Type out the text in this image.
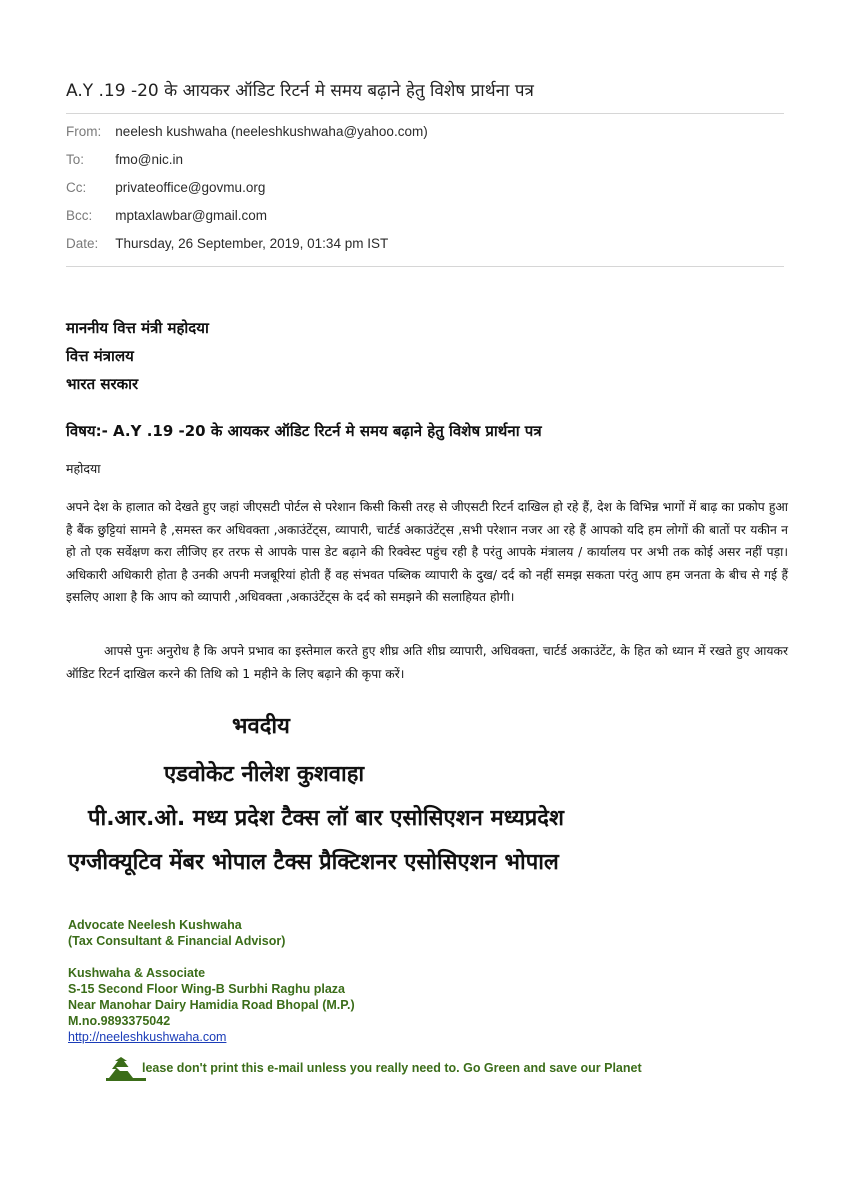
A.Y .19 -20 के आयकर ऑडिट रिटर्न मे समय बढ़ाने हेतु विशेष प्रार्थना पत्र
From: neelesh kushwaha (neeleshkushwaha@yahoo.com)
To: fmo@nic.in
Cc: privateoffice@govmu.org
Bcc: mptaxlawbar@gmail.com
Date: Thursday, 26 September, 2019, 01:34 pm IST
माननीय वित्त मंत्री महोदया
वित्त मंत्रालय
भारत सरकार
विषय:- A.Y .19 -20 के आयकर ऑडिट रिटर्न मे समय बढ़ाने हेतु विशेष प्रार्थना पत्र
महोदया
अपने देश के हालात को देखते हुए जहां जीएसटी पोर्टल से परेशान किसी किसी तरह से जीएसटी रिटर्न दाखिल हो रहे हैं, देश के विभिन्न भागों में बाढ़ का प्रकोप हुआ है बैंक छुट्टियां सामने है ,समस्त कर अधिवक्ता ,अकाउंटेंट्स, व्यापारी, चार्टर्ड अकाउंटेंट्स ,सभी परेशान नजर आ रहे हैं आपको यदि हम लोगों की बातों पर यकीन न हो तो एक सर्वेक्षण करा लीजिए हर तरफ से आपके पास डेट बढ़ाने की रिक्वेस्ट पहुंच रही है परंतु आपके मंत्रालय / कार्यालय पर अभी तक कोई असर नहीं पड़ा। अधिकारी अधिकारी होता है उनकी अपनी मजबूरियां होती हैं वह संभवत पब्लिक व्यापारी के दुख/ दर्द को नहीं समझ सकता परंतु आप हम जनता के बीच से गई हैं इसलिए आशा है कि आप को व्यापारी ,अधिवक्ता ,अकाउंटेंट्स के दर्द को समझने की सलाहियत होगी।
आपसे पुनः अनुरोध है कि अपने प्रभाव का इस्तेमाल करते हुए शीघ्र अति शीघ्र व्यापारी, अधिवक्ता, चार्टर्ड अकाउंटेंट, के हित को ध्यान में रखते हुए आयकर ऑडिट रिटर्न दाखिल करने की तिथि को 1 महीने के लिए बढ़ाने की कृपा करें।
भवदीय
एडवोकेट नीलेश कुशवाहा
पी.आर.ओ. मध्य प्रदेश टैक्स लॉ बार एसोसिएशन मध्यप्रदेश
एग्जीक्यूटिव मेंबर भोपाल टैक्स प्रैक्टिशनर एसोसिएशन भोपाल
Advocate Neelesh Kushwaha
(Tax Consultant & Financial Advisor)
Kushwaha & Associate
S-15 Second Floor Wing-B Surbhi Raghu plaza
Near Manohar Dairy Hamidia Road Bhopal (M.P.)
M.no.9893375042
http://neeleshkushwaha.com
lease don't print this e-mail unless you really need to. Go Green and save our Planet
